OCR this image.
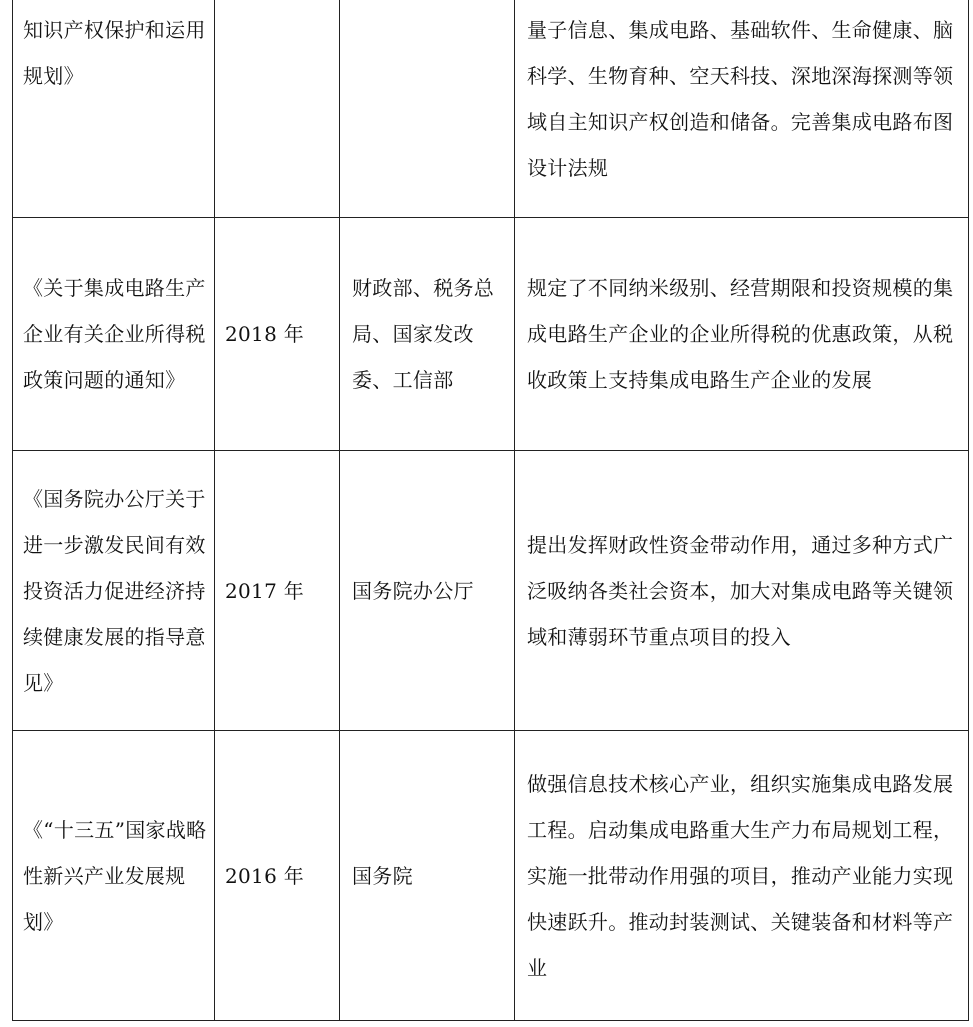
知识产权保护和运用规划》			量子信息、集成电路、基础软件、生命健康、脑科学、生物育种、空天科技、深地深海探测等领域自主知识产权创造和储备。完善集成电路布图设计法规
《关于集成电路生产企业有关企业所得税政策问题的通知》	2018 年	财政部、税务总局、国家发改委、工信部	规定了不同纳米级别、经营期限和投资规模的集成电路生产企业的企业所得税的优惠政策，从税收政策上支持集成电路生产企业的发展
《国务院办公厅关于进一步激发民间有效投资活力促进经济持续健康发展的指导意见》	2017 年	国务院办公厅	提出发挥财政性资金带动作用，通过多种方式广泛吸纳各类社会资本，加大对集成电路等关键领域和薄弱环节重点项目的投入
《“十三五”国家战略性新兴产业发展规划》	2016 年	国务院	做强信息技术核心产业，组织实施集成电路发展工程。启动集成电路重大生产力布局规划工程，实施一批带动作用强的项目，推动产业能力实现快速跃升。推动封装测试、关键装备和材料等产业
